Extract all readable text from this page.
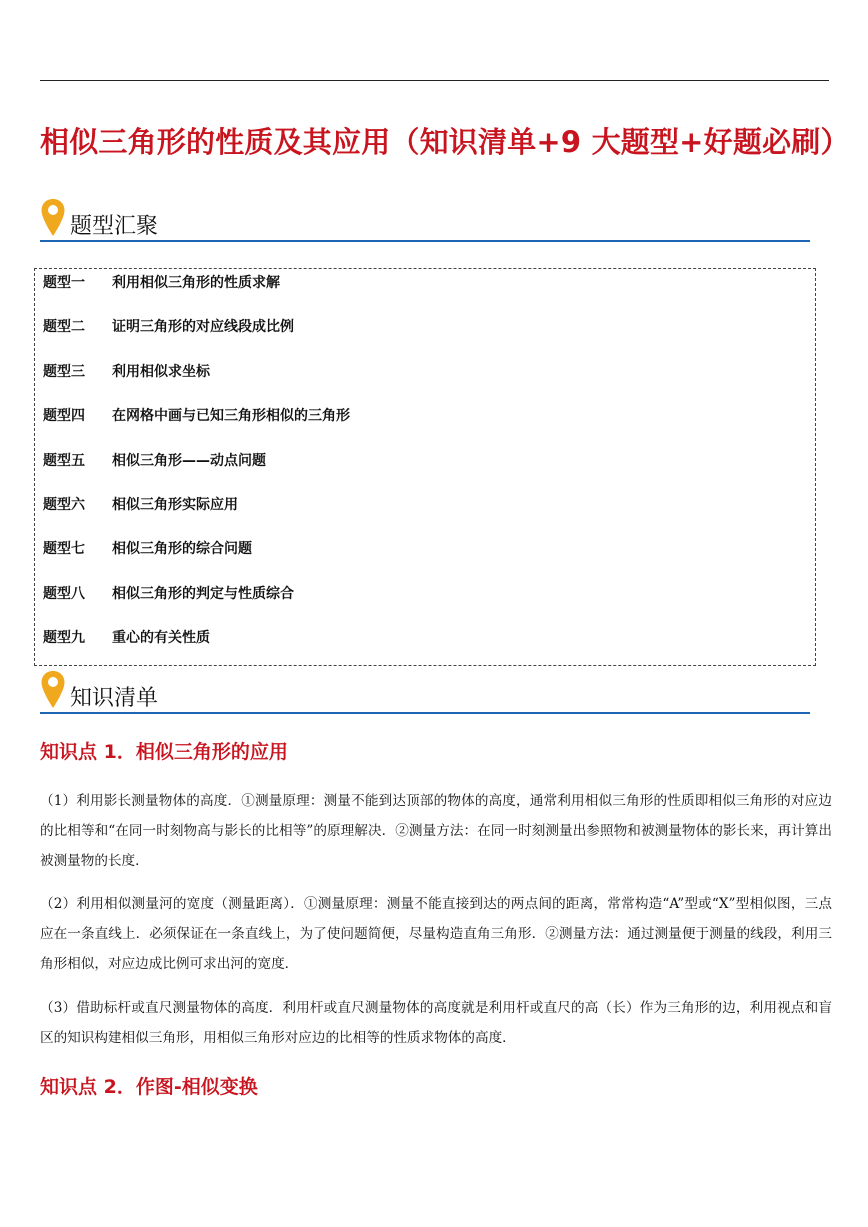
相似三角形的性质及其应用（知识清单+9 大题型+好题必刷）
题型汇聚
题型一 利用相似三角形的性质求解
题型二 证明三角形的对应线段成比例
题型三 利用相似求坐标
题型四 在网格中画与已知三角形相似的三角形
题型五 相似三角形——动点问题
题型六 相似三角形实际应用
题型七 相似三角形的综合问题
题型八 相似三角形的判定与性质综合
题型九 重心的有关性质
知识清单
知识点 1．相似三角形的应用
（1）利用影长测量物体的高度．①测量原理：测量不能到达顶部的物体的高度，通常利用相似三角形的性质即相似三角形的对应边的比相等和“在同一时刻物高与影长的比相等”的原理解决．②测量方法：在同一时刻测量出参照物和被测量物体的影长来，再计算出被测量物的长度．
（2）利用相似测量河的宽度（测量距离）．①测量原理：测量不能直接到达的两点间的距离，常常构造“A”型或“X”型相似图，三点应在一条直线上．必须保证在一条直线上，为了使问题简便，尽量构造直角三角形．②测量方法：通过测量便于测量的线段，利用三角形相似，对应边成比例可求出河的宽度．
（3）借助标杆或直尺测量物体的高度．利用杆或直尺测量物体的高度就是利用杆或直尺的高（长）作为三角形的边，利用视点和盲区的知识构建相似三角形，用相似三角形对应边的比相等的性质求物体的高度．
知识点 2．作图-相似变换
